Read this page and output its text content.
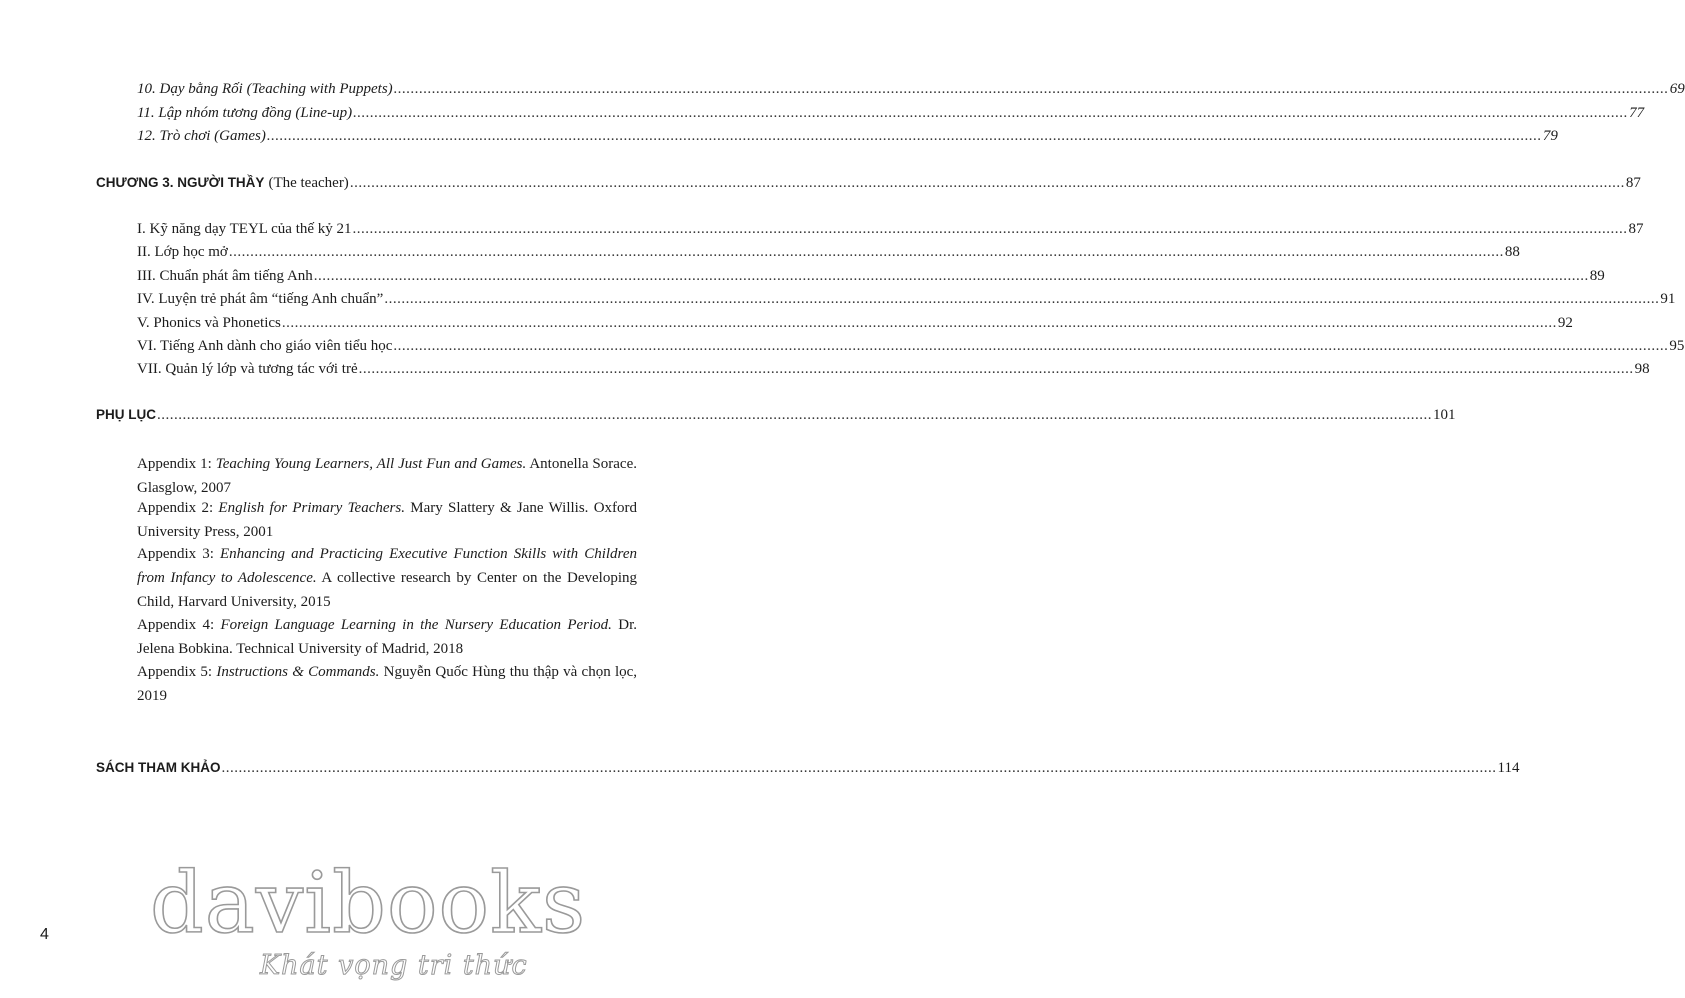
10. Dạy bằng Rối (Teaching with Puppets) ............................................................................................................................................................................................................................................................................................................ 69
11. Lập nhóm tương đồng (Line-up) ............................................................................................................................................................................................................................................................................................................ 77
12. Trò chơi (Games) ............................................................................................................................................................................................................................................................................................................ 79
CHƯƠNG 3. NGƯỜI THẦY (The teacher) ............................................................................................................................................................................................................................................................................................................ 87
I. Kỹ năng dạy TEYL của thế kỷ 21 ............................................................................................................................................................................................................................................................................................................ 87
II. Lớp học mở ............................................................................................................................................................................................................................................................................................................ 88
III. Chuẩn phát âm tiếng Anh ............................................................................................................................................................................................................................................................................................................ 89
IV. Luyện trẻ phát âm “tiếng Anh chuẩn” ............................................................................................................................................................................................................................................................................................................ 91
V. Phonics và Phonetics ............................................................................................................................................................................................................................................................................................................ 92
VI. Tiếng Anh dành cho giáo viên tiểu học ............................................................................................................................................................................................................................................................................................................ 95
VII. Quản lý lớp và tương tác với trẻ ............................................................................................................................................................................................................................................................................................................ 98
PHỤ LỤC ............................................................................................................................................................................................................................................................................................................ 101
Appendix 1: Teaching Young Learners, All Just Fun and Games. Antonella Sorace. Glasglow, 2007
Appendix 2: English for Primary Teachers. Mary Slattery & Jane Willis. Oxford University Press, 2001
Appendix 3: Enhancing and Practicing Executive Function Skills with Children from Infancy to Adolescence. A collective research by Center on the Developing Child, Harvard University, 2015
Appendix 4: Foreign Language Learning in the Nursery Education Period. Dr. Jelena Bobkina. Technical University of Madrid, 2018
Appendix 5: Instructions & Commands. Nguyễn Quốc Hùng thu thập và chọn lọc, 2019
SÁCH THAM KHẢO ............................................................................................................................................................................................................................................................................................................ 114
4 davibooks
Khát vọng tri thức
